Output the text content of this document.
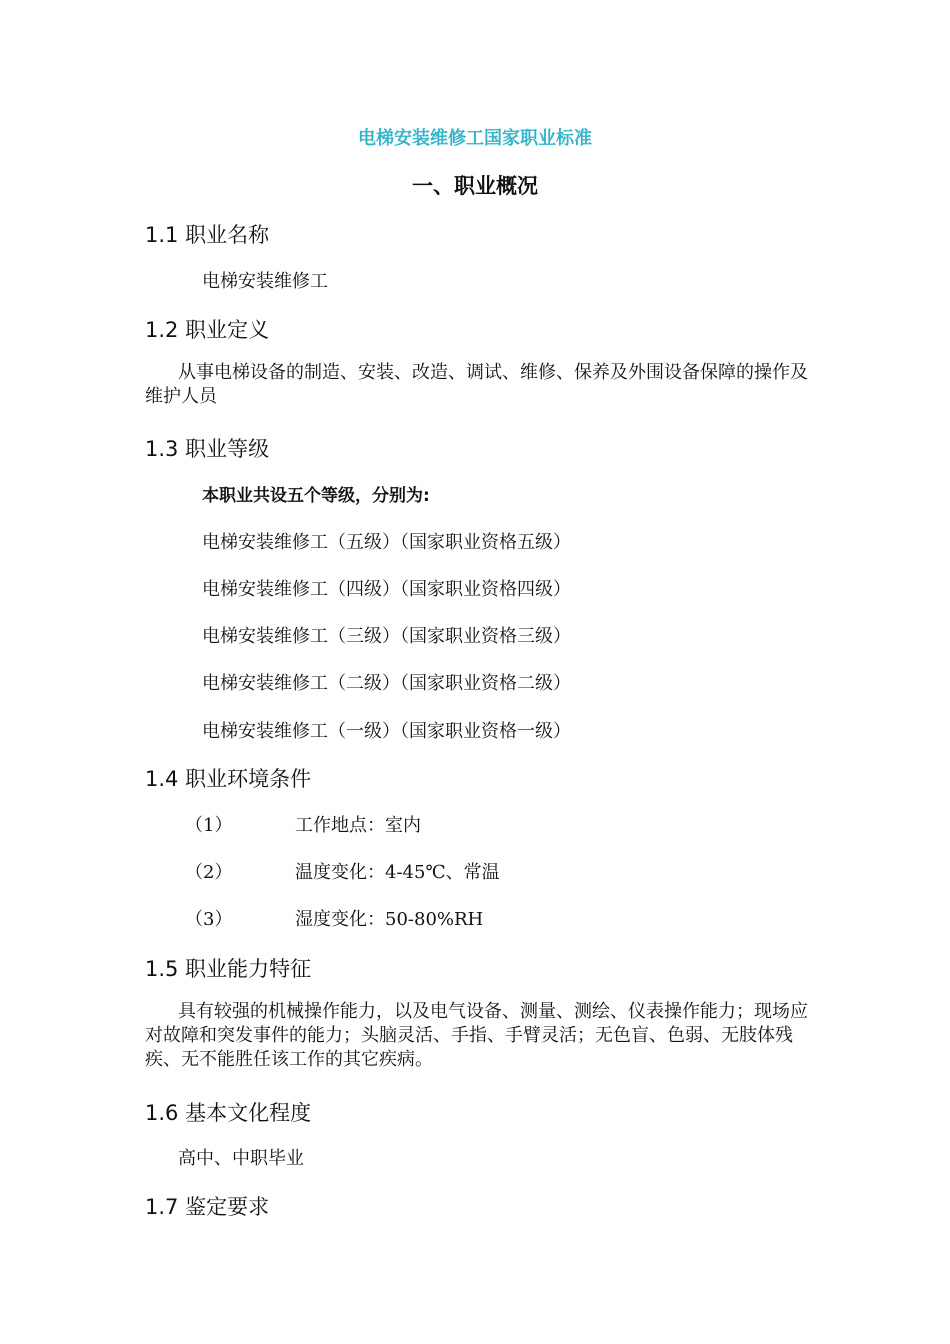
电梯安装维修工国家职业标准
一、职业概况
1.1 职业名称
电梯安装维修工
1.2 职业定义
从事电梯设备的制造、安装、改造、调试、维修、保养及外围设备保障的操作及维护人员
1.3 职业等级
本职业共设五个等级，分别为:
电梯安装维修工（五级）（国家职业资格五级）
电梯安装维修工（四级）（国家职业资格四级）
电梯安装维修工（三级）（国家职业资格三级）
电梯安装维修工（二级）（国家职业资格二级）
电梯安装维修工（一级）（国家职业资格一级）
1.4 职业环境条件
（1）	工作地点：室内
（2）	温度变化：4-45℃、常温
（3）	湿度变化：50-80%RH
1.5 职业能力特征
具有较强的机械操作能力，以及电气设备、测量、测绘、仪表操作能力；现场应对故障和突发事件的能力；头脑灵活、手指、手臂灵活；无色盲、色弱、无肢体残疾、无不能胜任该工作的其它疾病。
1.6 基本文化程度
高中、中职毕业
1.7 鉴定要求
